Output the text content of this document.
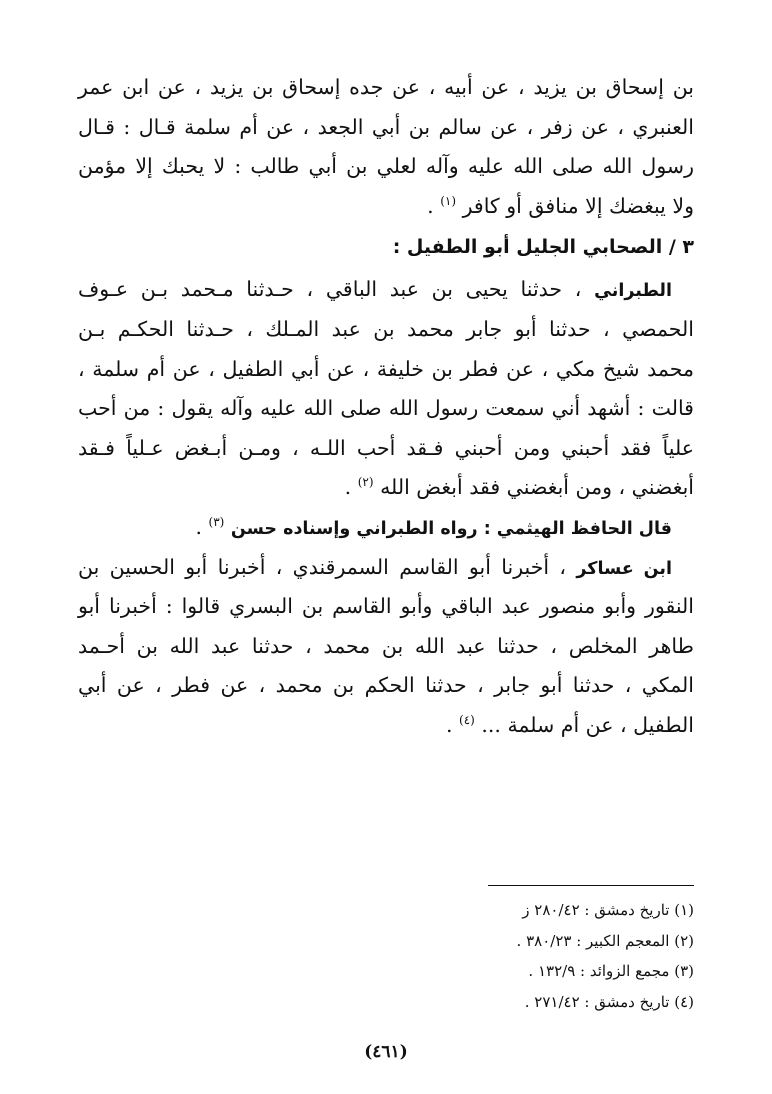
بن إسحاق بن يزيد ، عن أبيه ، عن جده إسحاق بن يزيد ، عن ابن عمر
العنبري ، عن زفر ، عن سالم بن أبي الجعد ، عن أم سلمة قـال : قـال
رسول الله صلى الله عليه وآله لعلي بن أبي طالب : لا يحبك إلا مؤمن
ولا يبغضك إلا منافق أو كافر $^{(١)}$ .
٣ / الصحابي الجليل أبو الطفيل :
الطبراني ، حدثنا يحيى بن عبد الباقي ، حـدثنا مـحمد بـن عـوف
الحمصي ، حدثنا أبو جابر محمد بن عبد المـلك ، حـدثنا الحكـم بـن
محمد شيخ مكي ، عن فطر بن خليفة ، عن أبي الطفيل ، عن أم سلمة ،
قالت : أشهد أني سمعت رسول الله صلى الله عليه وآله يقول : من أحب
علياً فقد أحبني ومن أحبني فـقد أحب اللـه ، ومـن أبـغض عـلياً فـقد
أبغضني ، ومن أبغضني فقد أبغض الله $^{(٢)}$ .
قال الحافظ الهيثمي : رواه الطبراني وإسناده حسن $^{(٣)}$ .
ابن عساكر ، أخبرنا أبو القاسم السمرقندي ، أخبرنا أبو الحسين بن
النقور وأبو منصور عبد الباقي وأبو القاسم بن البسري قالوا : أخبرنا أبو
طاهر المخلص ، حدثنا عبد الله بن محمد ، حدثنا عبد الله بن أحـمد
المكي ، حدثنا أبو جابر ، حدثنا الحكم بن محمد ، عن فطر ، عن أبي
الطفيل ، عن أم سلمة ... $^{(٤)}$ .
(١) تاريخ دمشق : ٢٨٠/٤٢ ز
(٢) المعجم الكبير : ٣٨٠/٢٣ .
(٣) مجمع الزوائد : ١٣٢/٩ .
(٤) تاريخ دمشق : ٢٧١/٤٢ .
(٤٦١)
